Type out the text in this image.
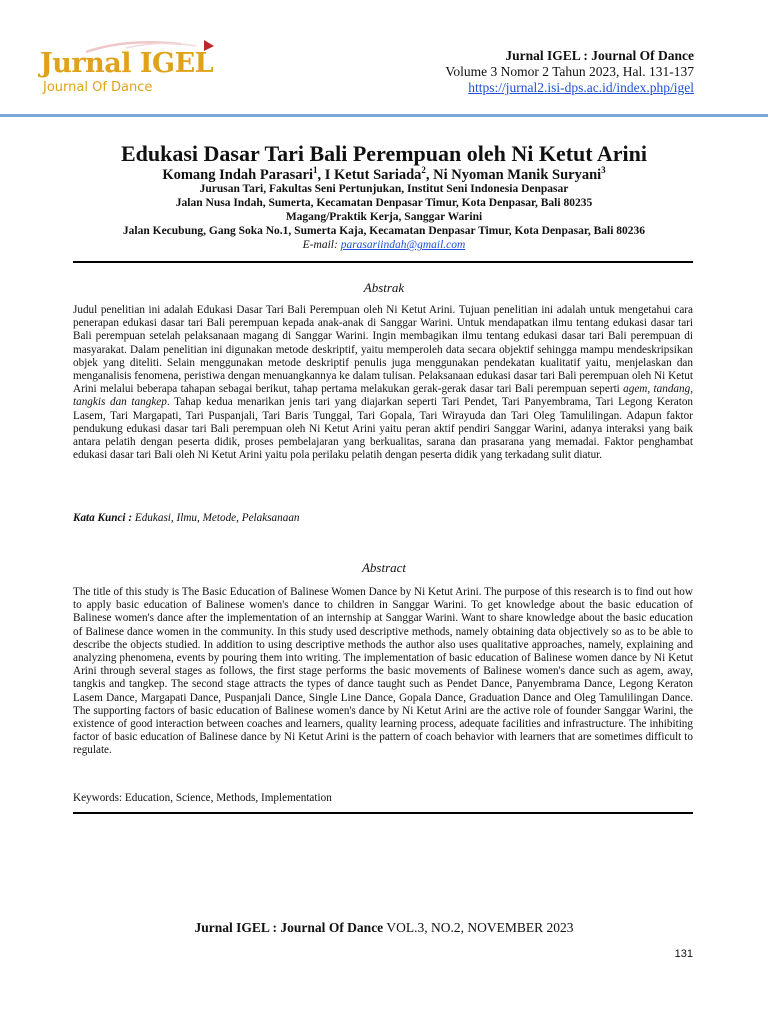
Jurnal IGEL
Journal Of Dance
Jurnal IGEL : Journal Of Dance
Volume 3 Nomor 2 Tahun 2023, Hal. 131-137
https://jurnal2.isi-dps.ac.id/index.php/igel
Edukasi Dasar Tari Bali Perempuan oleh Ni Ketut Arini
Komang Indah Parasari$^1$, I Ketut Sariada$^2$, Ni Nyoman Manik Suryani$^3$
Jurusan Tari, Fakultas Seni Pertunjukan, Institut Seni Indonesia Denpasar
Jalan Nusa Indah, Sumerta, Kecamatan Denpasar Timur, Kota Denpasar, Bali 80235
Magang/Praktik Kerja, Sanggar Warini
Jalan Kecubung, Gang Soka No.1, Sumerta Kaja, Kecamatan Denpasar Timur, Kota Denpasar, Bali 80236
E-mail: parasariindah@gmail.com
Abstrak
Judul penelitian ini adalah Edukasi Dasar Tari Bali Perempuan oleh Ni Ketut Arini. Tujuan penelitian ini adalah untuk mengetahui cara penerapan edukasi dasar tari Bali perempuan kepada anak-anak di Sanggar Warini. Untuk mendapatkan ilmu tentang edukasi dasar tari Bali perempuan setelah pelaksanaan magang di Sanggar Warini. Ingin membagikan ilmu tentang edukasi dasar tari Bali perempuan di masyarakat. Dalam penelitian ini digunakan metode deskriptif, yaitu memperoleh data secara objektif sehingga mampu mendeskripsikan objek yang diteliti. Selain menggunakan metode deskriptif penulis juga menggunakan pendekatan kualitatif yaitu, menjelaskan dan menganalisis fenomena, peristiwa dengan menuangkannya ke dalam tulisan. Pelaksanaan edukasi dasar tari Bali perempuan oleh Ni Ketut Arini melalui beberapa tahapan sebagai berikut, tahap pertama melakukan gerak-gerak dasar tari Bali perempuan seperti agem, tandang, tangkis dan tangkep. Tahap kedua menarikan jenis tari yang diajarkan seperti Tari Pendet, Tari Panyembrama, Tari Legong Keraton Lasem, Tari Margapati, Tari Puspanjali, Tari Baris Tunggal, Tari Gopala, Tari Wirayuda dan Tari Oleg Tamulilingan. Adapun faktor pendukung edukasi dasar tari Bali perempuan oleh Ni Ketut Arini yaitu peran aktif pendiri Sanggar Warini, adanya interaksi yang baik antara pelatih dengan peserta didik, proses pembelajaran yang berkualitas, sarana dan prasarana yang memadai. Faktor penghambat edukasi dasar tari Bali oleh Ni Ketut Arini yaitu pola perilaku pelatih dengan peserta didik yang terkadang sulit diatur.
Kata Kunci : Edukasi, Ilmu, Metode, Pelaksanaan
Abstract
The title of this study is The Basic Education of Balinese Women Dance by Ni Ketut Arini. The purpose of this research is to find out how to apply basic education of Balinese women's dance to children in Sanggar Warini. To get knowledge about the basic education of Balinese women's dance after the implementation of an internship at Sanggar Warini. Want to share knowledge about the basic education of Balinese dance women in the community. In this study used descriptive methods, namely obtaining data objectively so as to be able to describe the objects studied. In addition to using descriptive methods the author also uses qualitative approaches, namely, explaining and analyzing phenomena, events by pouring them into writing. The implementation of basic education of Balinese women dance by Ni Ketut Arini through several stages as follows, the first stage performs the basic movements of Balinese women's dance such as agem, away, tangkis and tangkep. The second stage attracts the types of dance taught such as Pendet Dance, Panyembrama Dance, Legong Keraton Lasem Dance, Margapati Dance, Puspanjali Dance, Single Line Dance, Gopala Dance, Graduation Dance and Oleg Tamulilingan Dance. The supporting factors of basic education of Balinese women's dance by Ni Ketut Arini are the active role of founder Sanggar Warini, the existence of good interaction between coaches and learners, quality learning process, adequate facilities and infrastructure. The inhibiting factor of basic education of Balinese dance by Ni Ketut Arini is the pattern of coach behavior with learners that are sometimes difficult to regulate.
Keywords: Education, Science, Methods, Implementation
Jurnal IGEL : Journal Of Dance VOL.3, NO.2, NOVEMBER 2023
131
